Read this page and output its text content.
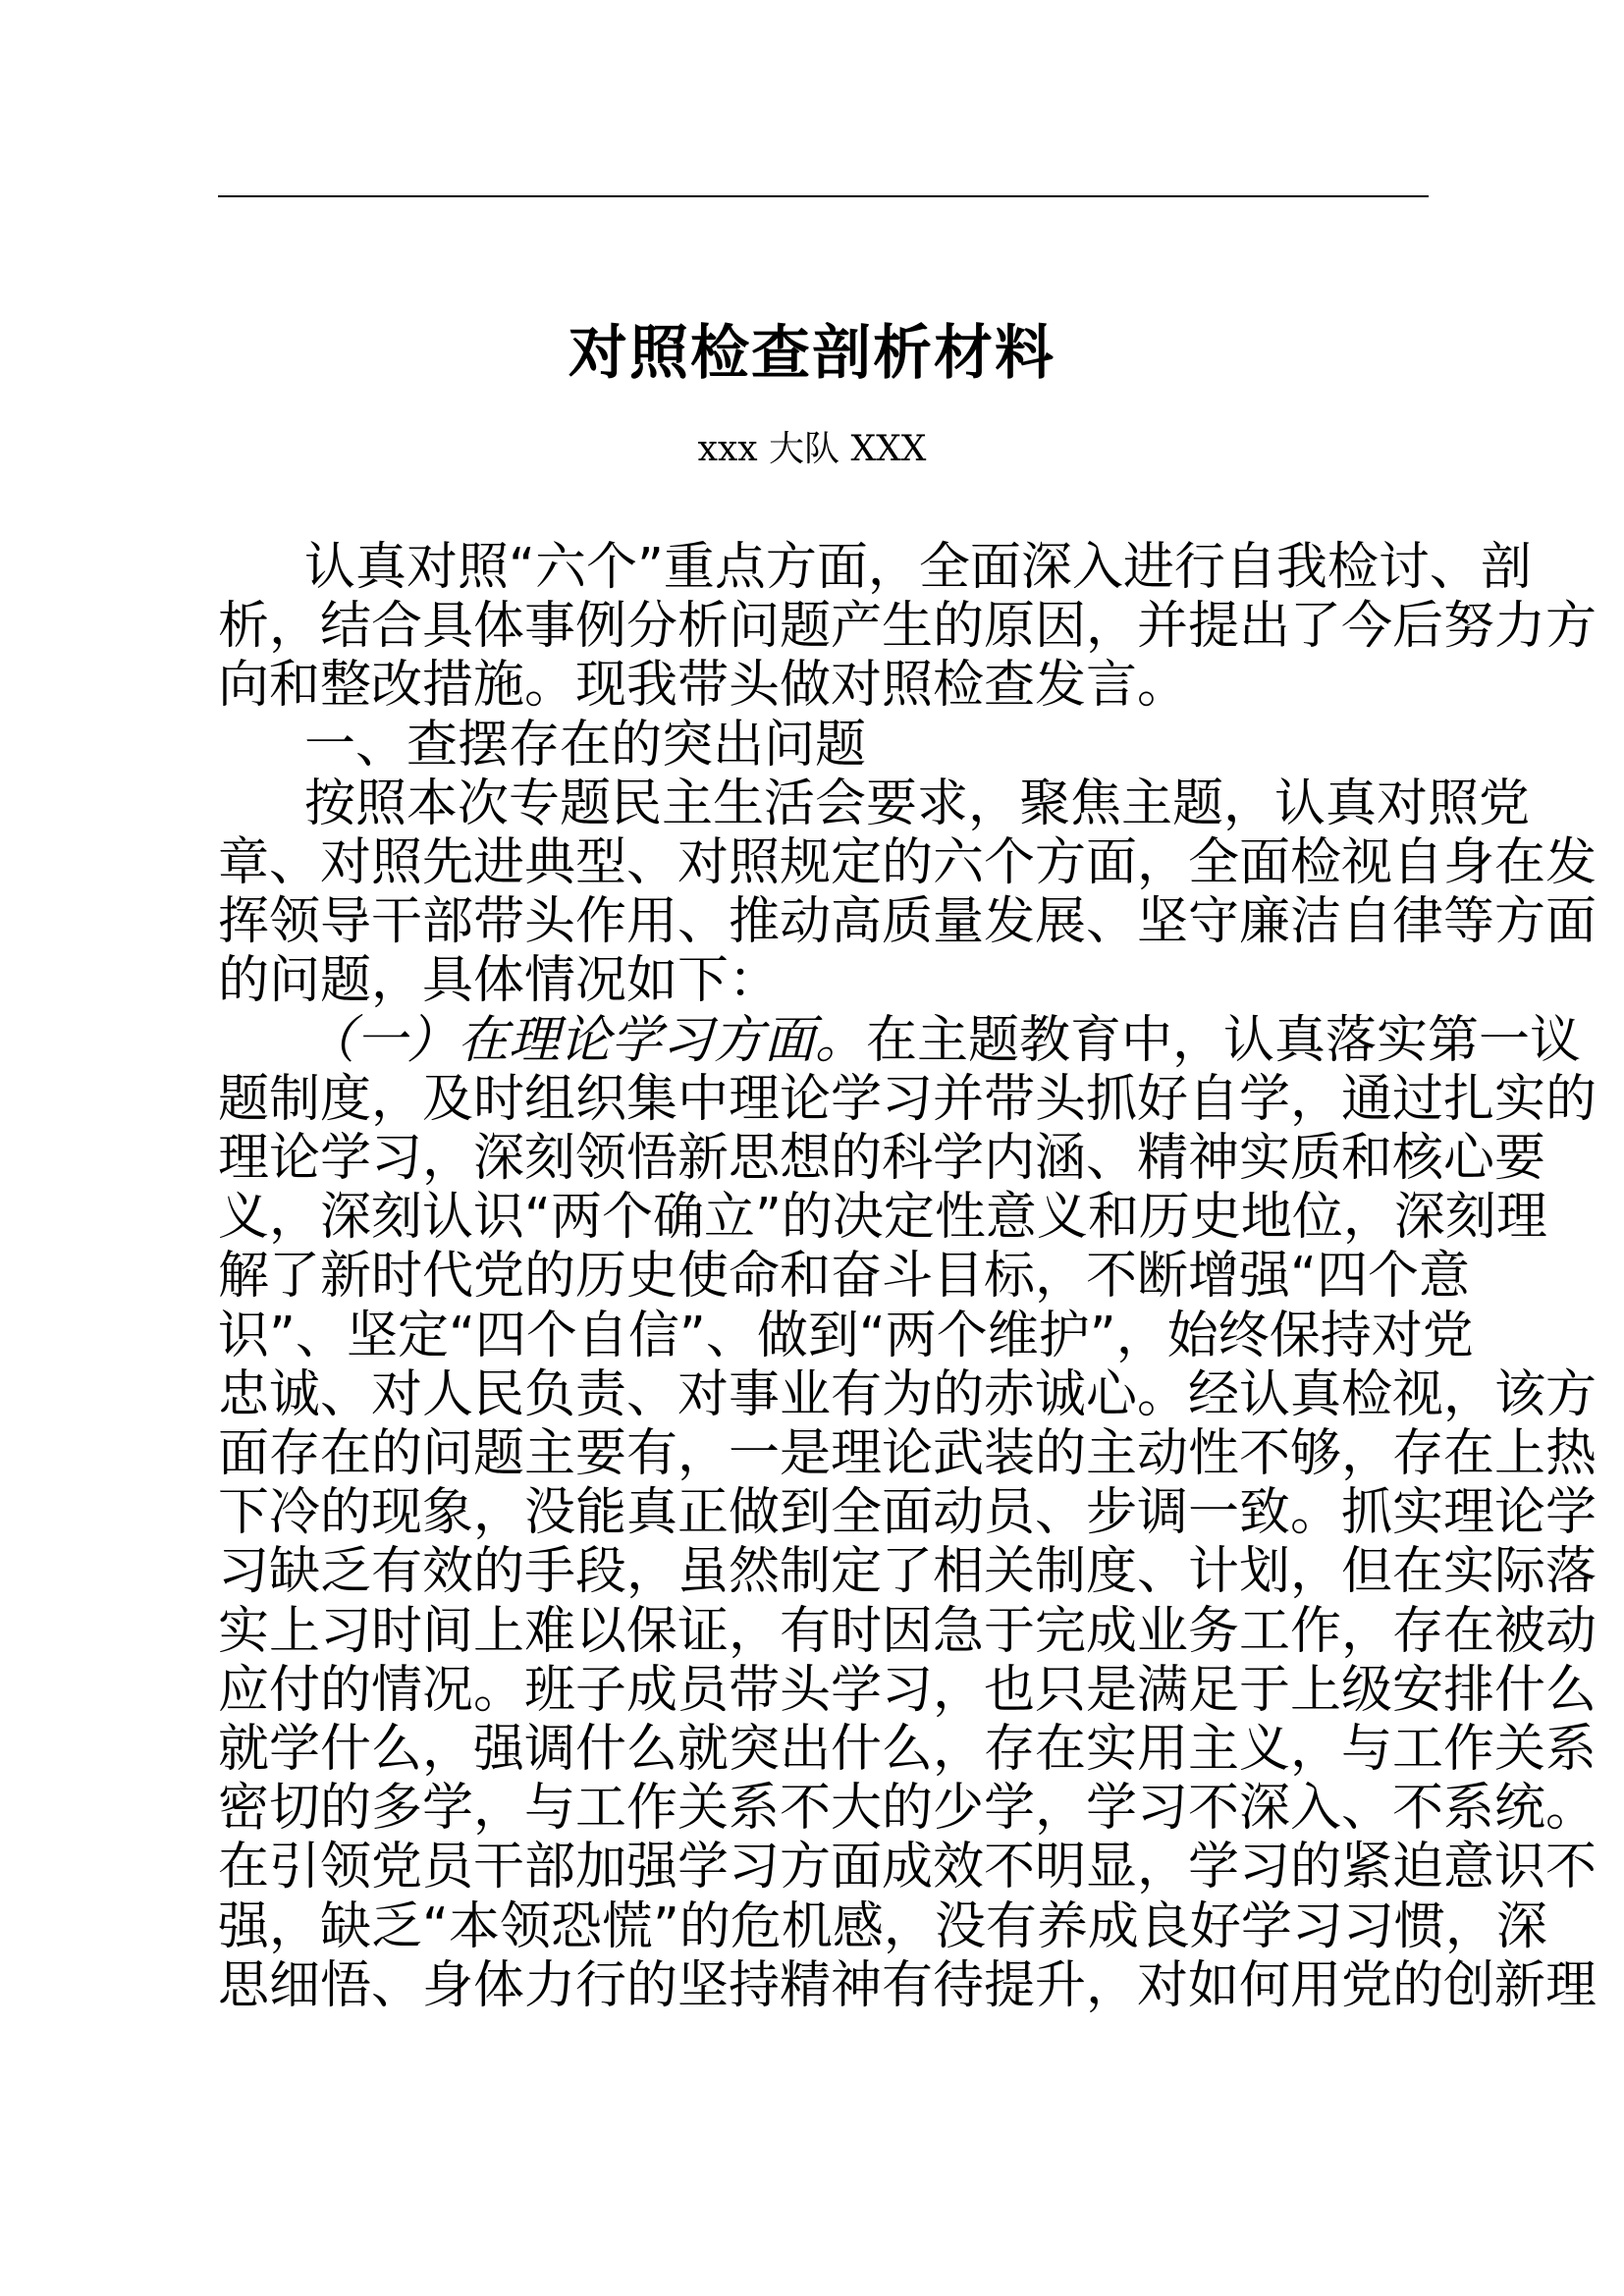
对照检查剖析材料
xxx 大队 XXX
认真对照“六个”重点方面，全面深入进行自我检讨、剖
析，结合具体事例分析问题产生的原因，并提出了今后努力方
向和整改措施。现我带头做对照检查发言。
一、查摆存在的突出问题
按照本次专题民主生活会要求，聚焦主题，认真对照党
章、对照先进典型、对照规定的六个方面，全面检视自身在发
挥领导干部带头作用、推动高质量发展、坚守廉洁自律等方面
的问题，具体情况如下：
（一）在理论学习方面。在主题教育中，认真落实第一议
题制度，及时组织集中理论学习并带头抓好自学，通过扎实的
理论学习，深刻领悟新思想的科学内涵、精神实质和核心要
义，深刻认识“两个确立”的决定性意义和历史地位，深刻理
解了新时代党的历史使命和奋斗目标，不断增强“四个意
识”、坚定“四个自信”、做到“两个维护”，始终保持对党
忠诚、对人民负责、对事业有为的赤诚心。经认真检视，该方
面存在的问题主要有，一是理论武装的主动性不够，存在上热
下冷的现象，没能真正做到全面动员、步调一致。抓实理论学
习缺乏有效的手段，虽然制定了相关制度、计划，但在实际落
实上习时间上难以保证，有时因急于完成业务工作，存在被动
应付的情况。班子成员带头学习，也只是满足于上级安排什么
就学什么，强调什么就突出什么，存在实用主义，与工作关系
密切的多学，与工作关系不大的少学，学习不深入、不系统。
在引领党员干部加强学习方面成效不明显，学习的紧迫意识不
强，缺乏“本领恐慌”的危机感，没有养成良好学习习惯，深
思细悟、身体力行的坚持精神有待提升，对如何用党的创新理
